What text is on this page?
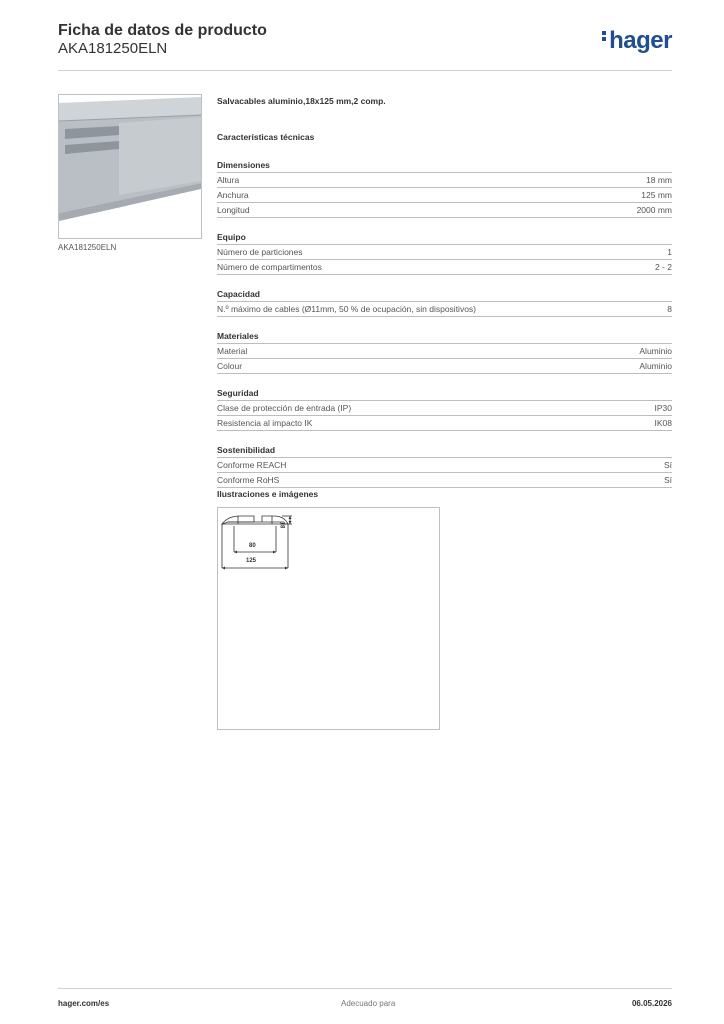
Ficha de datos de producto
AKA181250ELN	hager
AKA181250ELN
Salvacables aluminio,18x125 mm,2 comp.
Características técnicas
Dimensiones
Altura	18 mm
Anchura	125 mm
Longitud	2000 mm
Equipo
Número de particiones	1
Número de compartimentos	2 - 2
Capacidad
N.º máximo de cables (Ø11mm, 50 % de ocupación, sin dispositivos)	8
Materiales
Material	Aluminio
Colour	Aluminio
Seguridad
Clase de protección de entrada (IP)	IP30
Resistencia al impacto IK	IK08
Sostenibilidad
Conforme REACH	Sí
Conforme RoHS	Sí
Ilustraciones e imágenes
18
80
125
hager.com/es	Adecuado para	06.05.2026
